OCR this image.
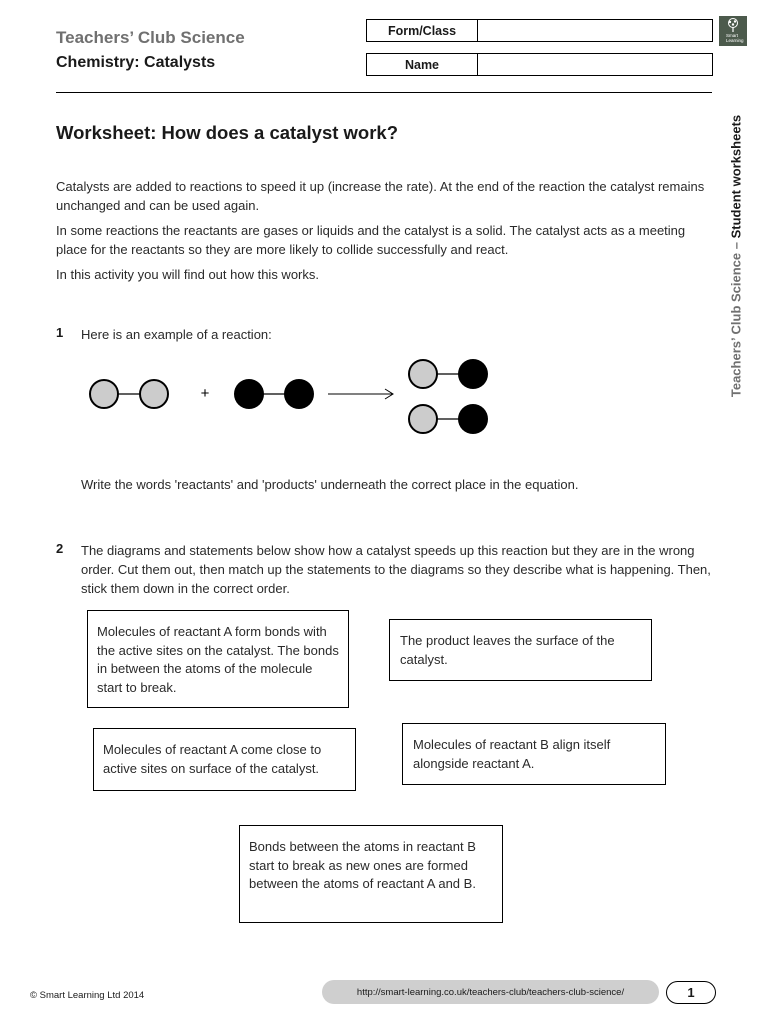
Teachers’ Club Science
Chemistry: Catalysts
Form/Class
Name
Smart
Learning
Teachers’ Club Science – Student worksheets
Worksheet: How does a catalyst work?
Catalysts are added to reactions to speed it up (increase the rate). At the end of the reaction the catalyst remains unchanged and can be used again.
In some reactions the reactants are gases or liquids and the catalyst is a solid. The catalyst acts as a meeting place for the reactants so they are more likely to collide successfully and react.
In this activity you will find out how this works.
1 Here is an example of a reaction:
+
Write the words 'reactants' and 'products' underneath the correct place in the equation.
2 The diagrams and statements below show how a catalyst speeds up this reaction but they are in the wrong order. Cut them out, then match up the statements to the diagrams so they describe what is happening. Then, stick them down in the correct order.
Molecules of reactant A form bonds with the active sites on the catalyst. The bonds in between the atoms of the molecule start to break.
The product leaves the surface of the catalyst.
Molecules of reactant A come close to active sites on surface of the catalyst.
Molecules of reactant B align itself alongside reactant A.
Bonds between the atoms in reactant B start to break as new ones are formed between the atoms of reactant A and B.
© Smart Learning Ltd 2014	http://smart-learning.co.uk/teachers-club/teachers-club-science/	1
